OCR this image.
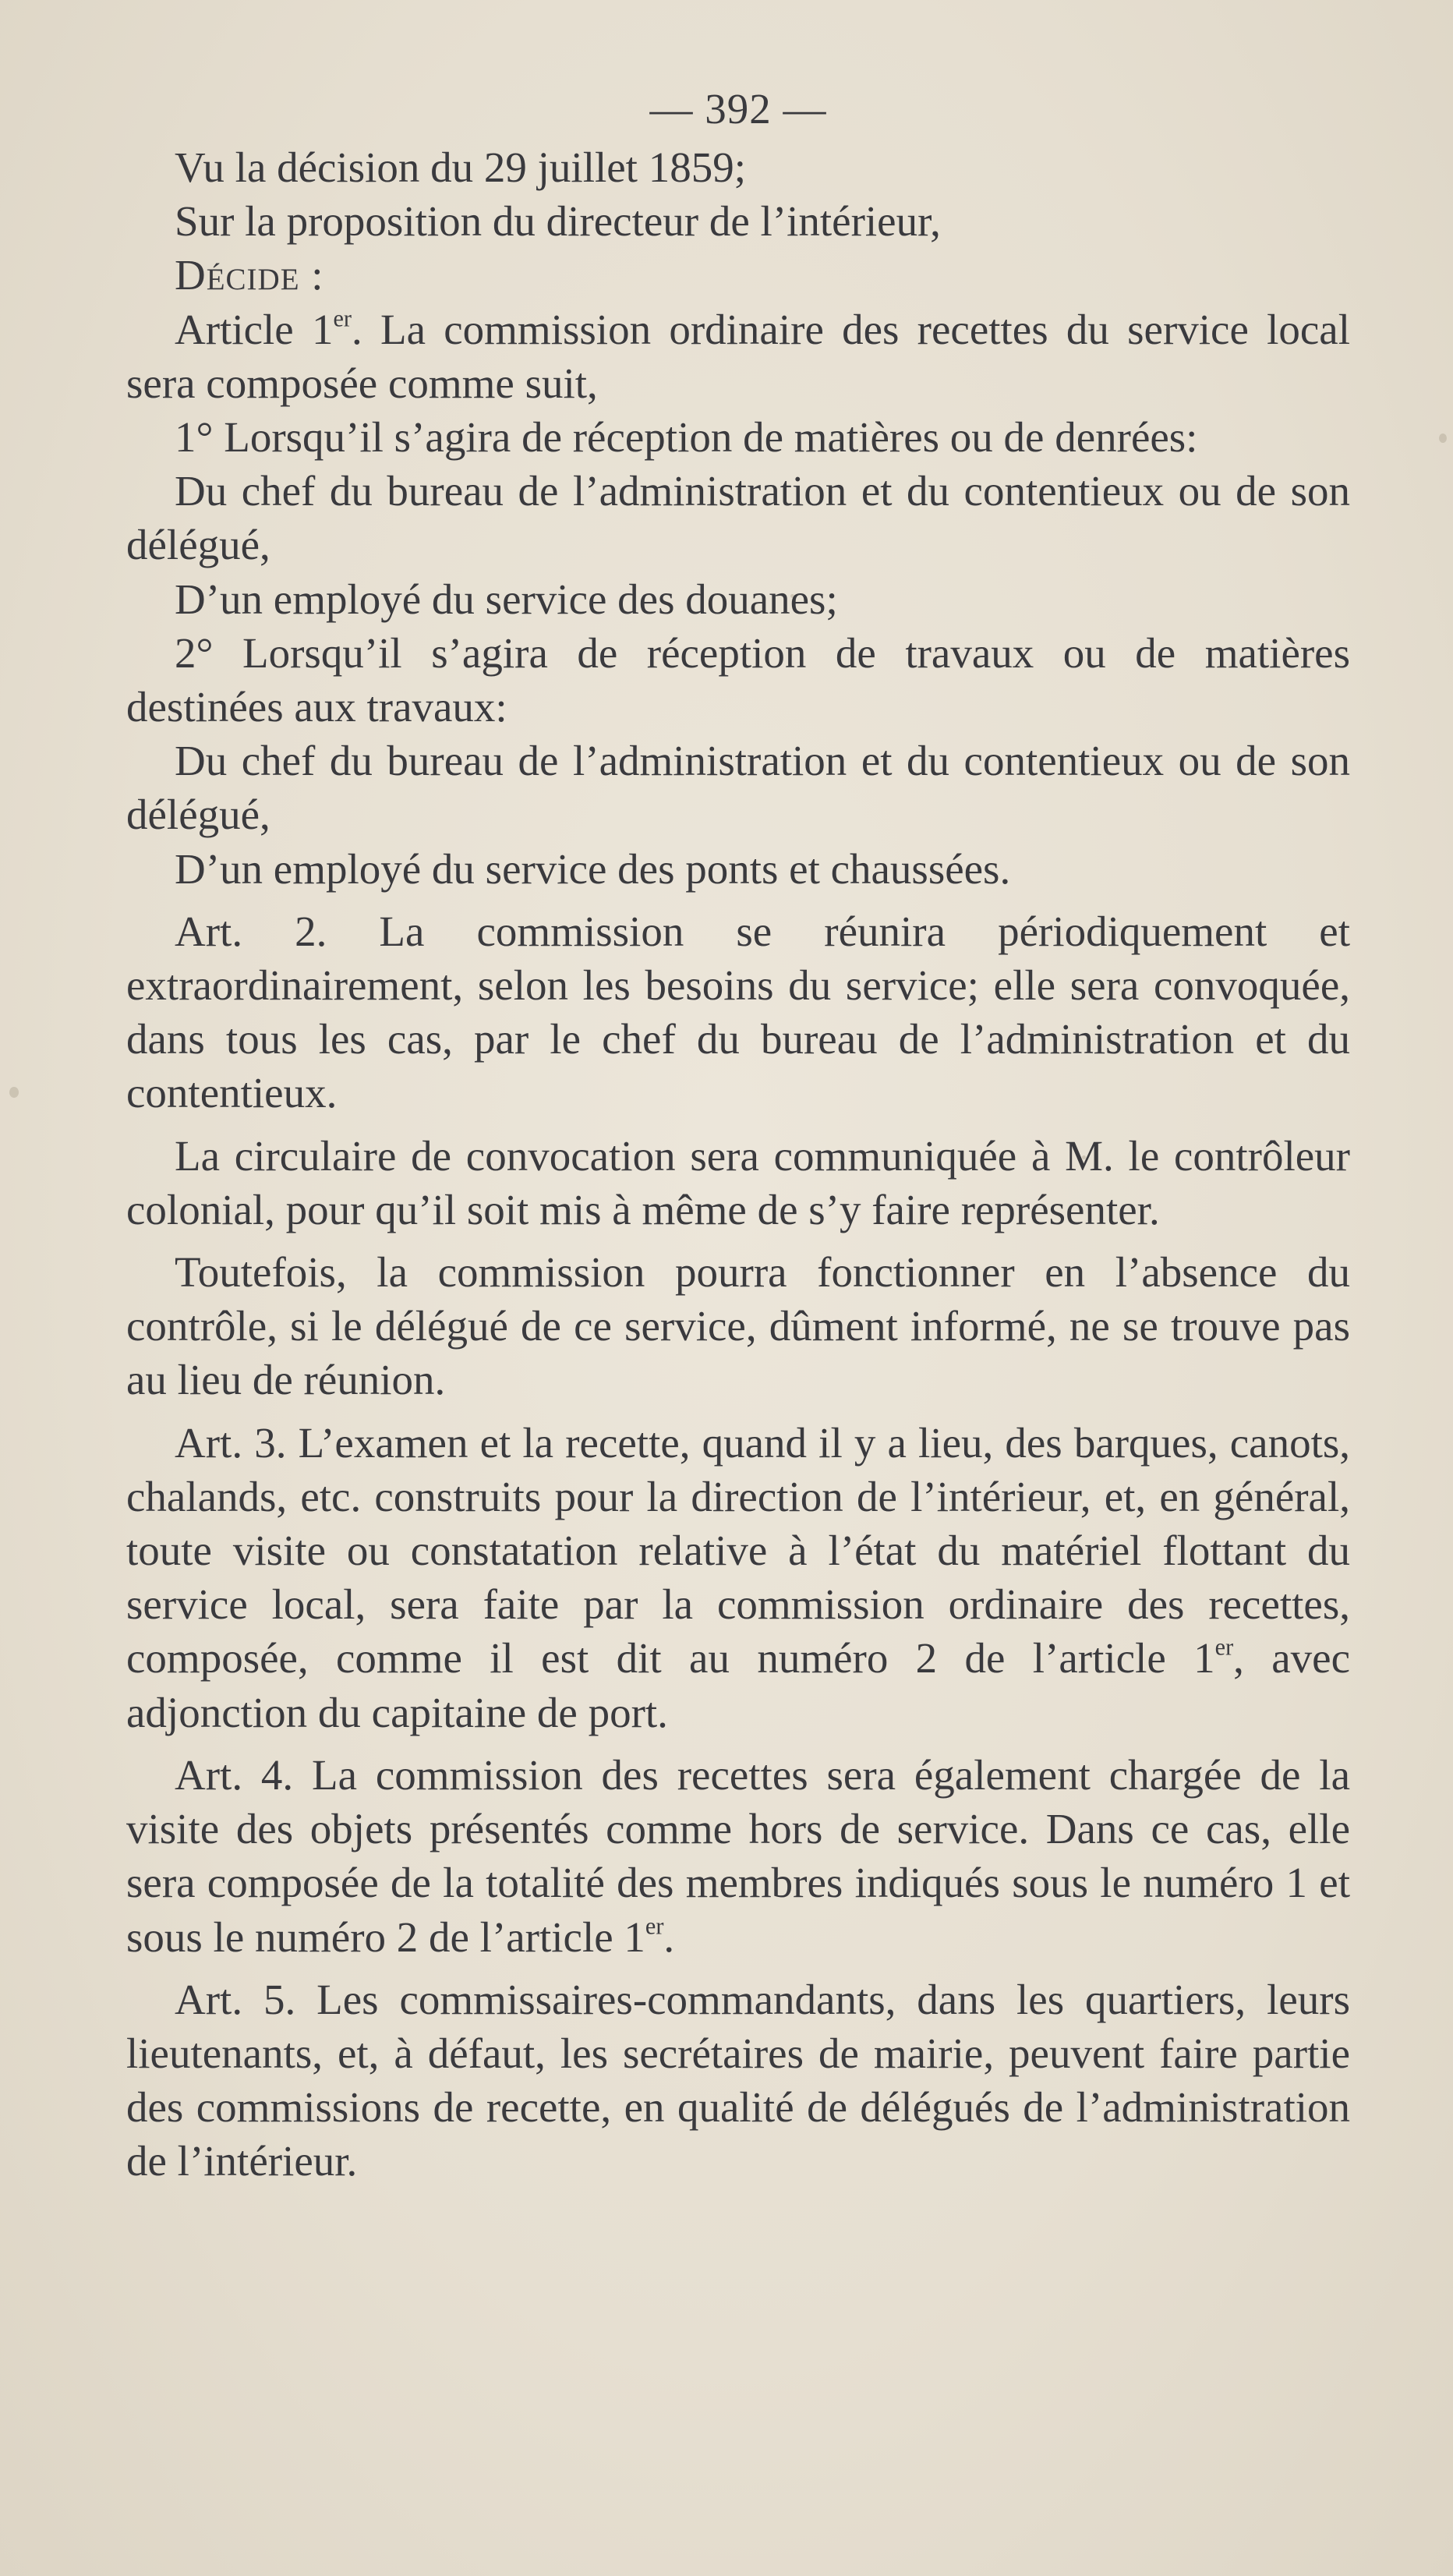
— 392 —

Vu la décision du 29 juillet 1859;

Sur la proposition du directeur de l’intérieur,

Décide :

Article 1er. La commission ordinaire des recettes du service local sera composée comme suit,

1° Lorsqu’il s’agira de réception de matières ou de denrées:

Du chef du bureau de l’administration et du contentieux ou de son délégué,

D’un employé du service des douanes;

2° Lorsqu’il s’agira de réception de travaux ou de matières destinées aux travaux:

Du chef du bureau de l’administration et du contentieux ou de son délégué,

D’un employé du service des ponts et chaussées.

Art. 2. La commission se réunira périodiquement et extraordinairement, selon les besoins du service; elle sera convoquée, dans tous les cas, par le chef du bureau de l’administration et du contentieux.

La circulaire de convocation sera communiquée à M. le contrôleur colonial, pour qu’il soit mis à même de s’y faire représenter.

Toutefois, la commission pourra fonctionner en l’absence du contrôle, si le délégué de ce service, dûment informé, ne se trouve pas au lieu de réunion.

Art. 3. L’examen et la recette, quand il y a lieu, des barques, canots, chalands, etc. construits pour la direction de l’intérieur, et, en général, toute visite ou constatation relative à l’état du matériel flottant du service local, sera faite par la commission ordinaire des recettes, composée, comme il est dit au numéro 2 de l’article 1er, avec adjonction du capitaine de port.

Art. 4. La commission des recettes sera également chargée de la visite des objets présentés comme hors de service. Dans ce cas, elle sera composée de la totalité des membres indiqués sous le numéro 1 et sous le numéro 2 de l’article 1er.

Art. 5. Les commissaires-commandants, dans les quartiers, leurs lieutenants, et, à défaut, les secrétaires de mairie, peuvent faire partie des commissions de recette, en qualité de délégués de l’administration de l’intérieur.
